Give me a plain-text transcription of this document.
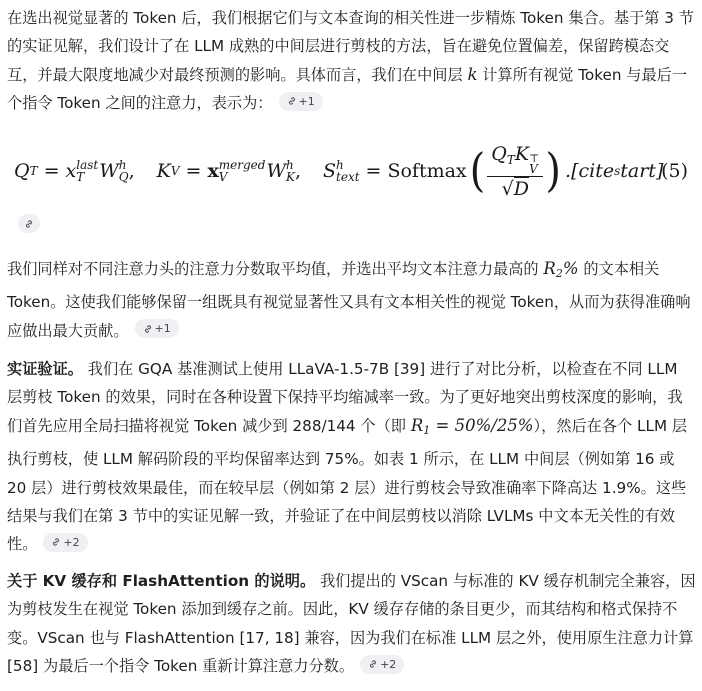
在选出视觉显著的 Token 后，我们根据它们与文本查询的相关性进一步精炼 Token 集合。基于第 3 节的实证见解，我们设计了在 LLM 成熟的中间层进行剪枝的方法，旨在避免位置偏差，保留跨模态交互，并最大限度地减少对最终预测的影响。具体而言，我们在中间层 k 计算所有视觉 Token 与最后一个指令 Token 之间的注意力，表示为： +1

Q T = x last
T W h
Q , K V = x merged
V	W h
K , S h
text = Softmax ( $Q_TK$ ⊤
V
√D ) .[cite s tart]
(5)

我们同样对不同注意力头的注意力分数取平均值，并选出平均文本注意力最高的 R2% 的文本相关 Token。这使我们能够保留一组既具有视觉显著性又具有文本相关性的视觉 Token，从而为获得准确响应做出最大贡献。 +1

实证验证。 我们在 GQA 基准测试上使用 LLaVA-1.5-7B [39] 进行了对比分析，以检查在不同 LLM 层剪枝 Token 的效果，同时在各种设置下保持平均缩减率一致。为了更好地突出剪枝深度的影响，我们首先应用全局扫描将视觉 Token 减少到 288/144 个（即 R1 = 50%/25%），然后在各个 LLM 层执行剪枝，使 LLM 解码阶段的平均保留率达到 75%。如表 1 所示，在 LLM 中间层（例如第 16 或 20 层）进行剪枝效果最佳，而在较早层（例如第 2 层）进行剪枝会导致准确率下降高达 1.9%。这些结果与我们在第 3 节中的实证见解一致，并验证了在中间层剪枝以消除 LVLMs 中文本无关性的有效性。 +2

关于 KV 缓存和 FlashAttention 的说明。 我们提出的 VScan 与标准的 KV 缓存机制完全兼容，因为剪枝发生在视觉 Token 添加到缓存之前。因此，KV 缓存存储的条目更少，而其结构和格式保持不变。VScan 也与 FlashAttention [17, 18] 兼容，因为我们在标准 LLM 层之外，使用原生注意力计算 [58] 为最后一个指令 Token 重新计算注意力分数。 +2
